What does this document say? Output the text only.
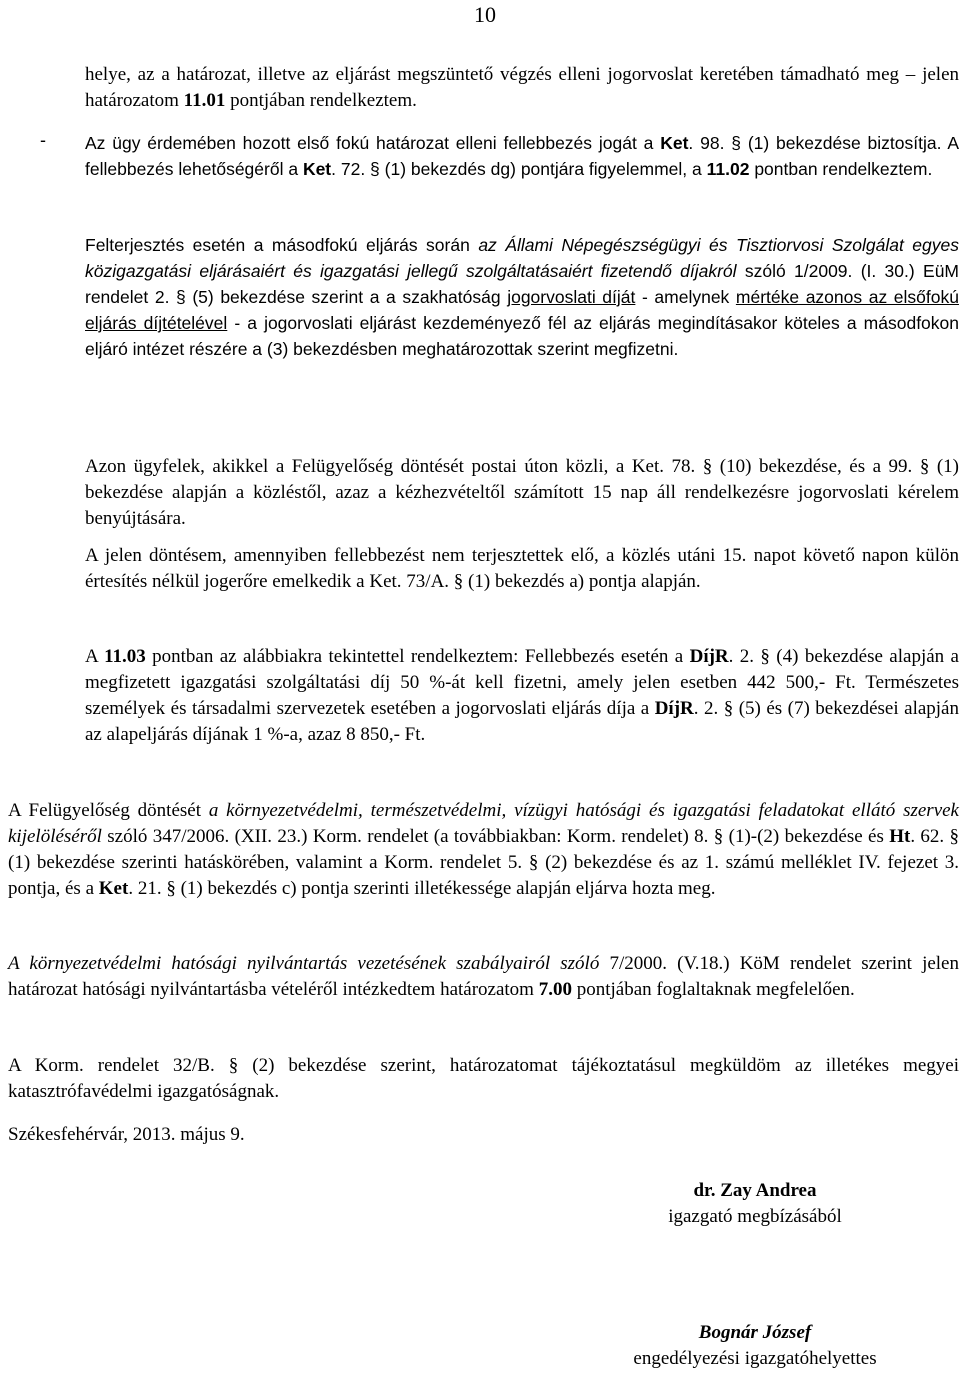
10

helye, az a határozat, illetve az eljárást megszüntető végzés elleni jogorvoslat keretében támadható meg – jelen határozatom 11.01 pontjában rendelkeztem.

- Az ügy érdemében hozott első fokú határozat elleni fellebbezés jogát a Ket. 98. § (1) bekezdése biztosítja. A fellebbezés lehetőségéről a Ket. 72. § (1) bekezdés dg) pontjára figyelemmel, a 11.02 pontban rendelkeztem.

Felterjesztés esetén a másodfokú eljárás során az Állami Népegészségügyi és Tisztiorvosi Szolgálat egyes közigazgatási eljárásaiért és igazgatási jellegű szolgáltatásaiért fizetendő díjakról szóló 1/2009. (I. 30.) EüM rendelet 2. § (5) bekezdése szerint a a szakhatóság jogorvoslati díját - amelynek mértéke azonos az elsőfokú eljárás díjtételével - a jogorvoslati eljárást kezdeményező fél az eljárás megindításakor köteles a másodfokon eljáró intézet részére a (3) bekezdésben meghatározottak szerint megfizetni.

Azon ügyfelek, akikkel a Felügyelőség döntését postai úton közli, a Ket. 78. § (10) bekezdése, és a 99. § (1) bekezdése alapján a közléstől, azaz a kézhezvételtől számított 15 nap áll rendelkezésre jogorvoslati kérelem benyújtására.

A jelen döntésem, amennyiben fellebbezést nem terjesztettek elő, a közlés utáni 15. napot követő napon külön értesítés nélkül jogerőre emelkedik a Ket. 73/A. § (1) bekezdés a) pontja alapján.

A 11.03 pontban az alábbiakra tekintettel rendelkeztem: Fellebbezés esetén a DíjR. 2. § (4) bekezdése alapján a megfizetett igazgatási szolgáltatási díj 50 %-át kell fizetni, amely jelen esetben 442 500,- Ft. Természetes személyek és társadalmi szervezetek esetében a jogorvoslati eljárás díja a DíjR. 2. § (5) és (7) bekezdései alapján az alapeljárás díjának 1 %-a, azaz 8 850,- Ft.

A Felügyelőség döntését a környezetvédelmi, természetvédelmi, vízügyi hatósági és igazgatási feladatokat ellátó szervek kijelöléséről szóló 347/2006. (XII. 23.) Korm. rendelet (a továbbiakban: Korm. rendelet) 8. § (1)-(2) bekezdése és Ht. 62. § (1) bekezdése szerinti hatáskörében, valamint a Korm. rendelet 5. § (2) bekezdése és az 1. számú melléklet IV. fejezet 3. pontja, és a Ket. 21. § (1) bekezdés c) pontja szerinti illetékessége alapján eljárva hozta meg.

A környezetvédelmi hatósági nyilvántartás vezetésének szabályairól szóló 7/2000. (V.18.) KöM rendelet szerint jelen határozat hatósági nyilvántartásba vételéről intézkedtem határozatom 7.00 pontjában foglaltaknak megfelelően.

A Korm. rendelet 32/B. § (2) bekezdése szerint, határozatomat tájékoztatásul megküldöm az illetékes megyei katasztrófavédelmi igazgatóságnak.

Székesfehérvár, 2013. május 9.

dr. Zay Andrea
igazgató megbízásából
Bognár József
engedélyezési igazgatóhelyettes
